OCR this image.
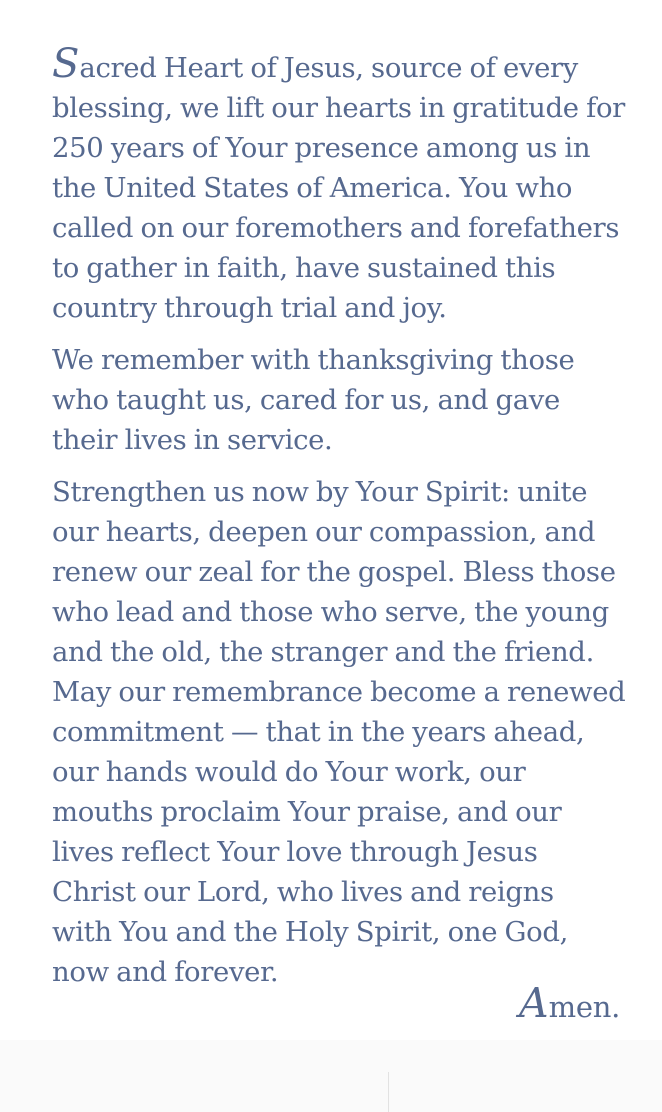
Sacred Heart of Jesus, source of every
blessing, we lift our hearts in gratitude for
250 years of Your presence among us in
the United States of America. You who
called on our foremothers and forefathers
to gather in faith, have sustained this
country through trial and joy.
We remember with thanksgiving those
who taught us, cared for us, and gave
their lives in service.
Strengthen us now by Your Spirit: unite
our hearts, deepen our compassion, and
renew our zeal for the gospel. Bless those
who lead and those who serve, the young
and the old, the stranger and the friend.
May our remembrance become a renewed
commitment — that in the years ahead,
our hands would do Your work, our
mouths proclaim Your praise, and our
lives reflect Your love through Jesus
Christ our Lord, who lives and reigns
with You and the Holy Spirit, one God,
now and forever.
Amen.
